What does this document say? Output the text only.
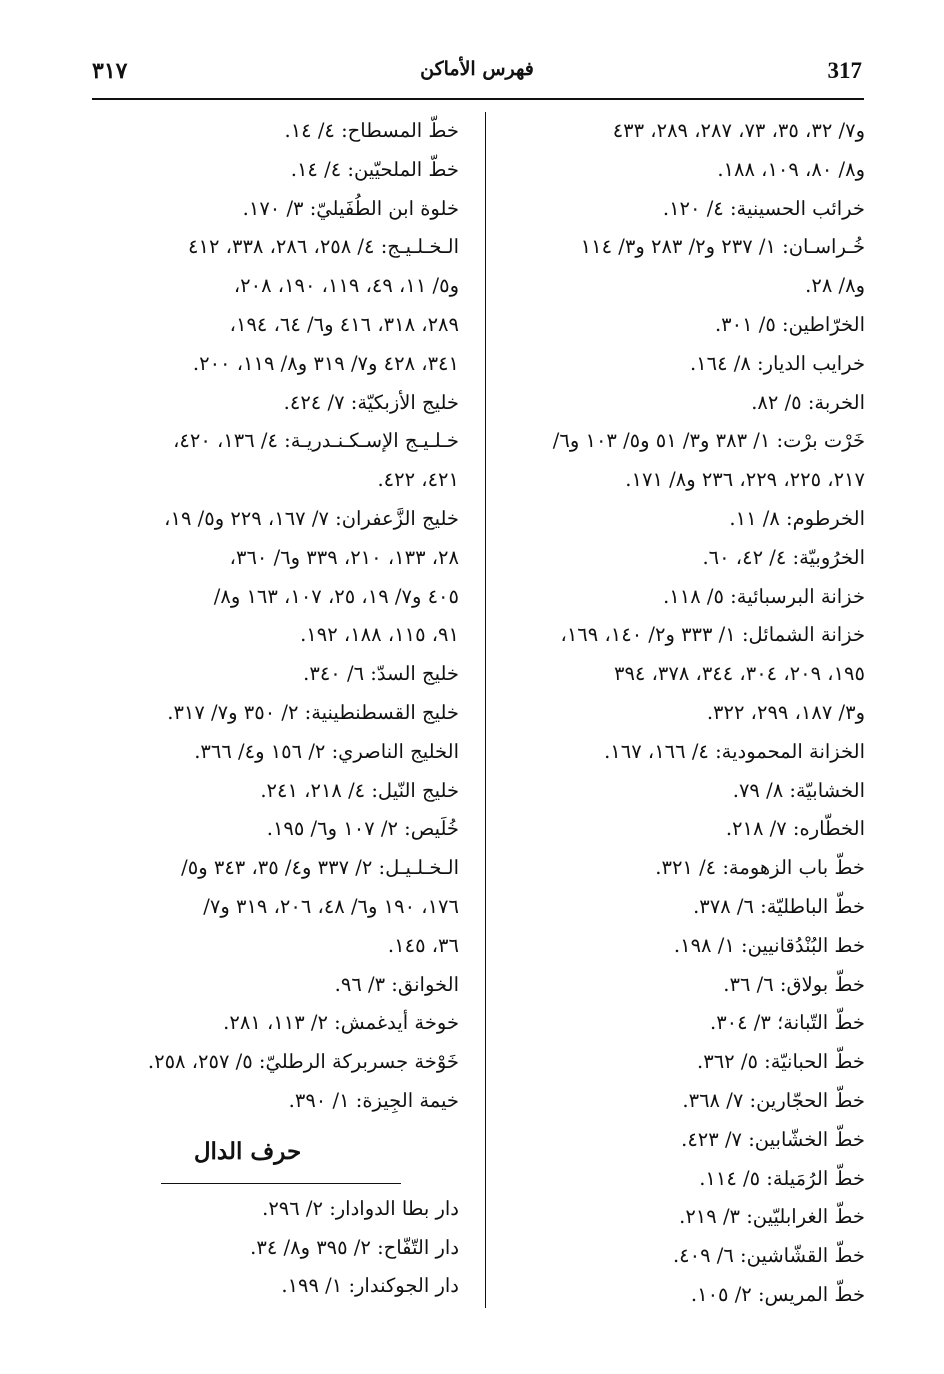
317
فهرس الأماكن
٣١٧
و٧/ ٣٢، ٣٥، ٧٣، ٢٨٧، ٢٨٩، ٤٣٣
و٨/ ٨٠، ١٠٩، ١٨٨.
خرائب الحسينية: ٤/ ١٢٠.
خُـراسـان: ١/ ٢٣٧ و٢/ ٢٨٣ و٣/ ١١٤
و٨/ ٢٨.
الخرّاطين: ٥/ ٣٠١.
خرايب الديار: ٨/ ١٦٤.
الخربة: ٥/ ٨٢.
خَرْت برْت: ١/ ٣٨٣ و٣/ ٥١ و٥/ ١٠٣ و٦/
٢١٧، ٢٢٥، ٢٢٩، ٢٣٦ و٨/ ١٧١.
الخرطوم: ٨/ ١١.
الخرُوبيّة: ٤/ ٤٢، ٦٠.
خزانة البرسبائية: ٥/ ١١٨.
خزانة الشمائل: ١/ ٣٣٣ و٢/ ١٤٠، ١٦٩،
١٩٥، ٢٠٩، ٣٠٤، ٣٤٤، ٣٧٨، ٣٩٤
و٣/ ١٨٧، ٢٩٩، ٣٢٢.
الخزانة المحمودية: ٤/ ١٦٦، ١٦٧.
الخشابيّة: ٨/ ٧٩.
الخطّاره: ٧/ ٢١٨.
خطّ باب الزهومة: ٤/ ٣٢١.
خطّ الباطليّة: ٦/ ٣٧٨.
خط البُنْدُقانيين: ١/ ١٩٨.
خطّ بولاق: ٦/ ٣٦.
خطّ التّبانة؛ ٣/ ٣٠٤.
خطّ الحبانيّة: ٥/ ٣٦٢.
خطّ الحجّارين: ٧/ ٣٦٨.
خطّ الخشّابين: ٧/ ٤٢٣.
خطّ الرُمَيلة: ٥/ ١١٤.
خطّ الغرابليّين: ٣/ ٢١٩.
خطّ القشّاشين: ٦/ ٤٠٩.
خطّ المريس: ٢/ ١٠٥.
خطّ المسطاح: ٤/ ١٤.
خطّ الملحيّين: ٤/ ١٤.
خلوة ابن الطُفَيليّ: ٣/ ١٧٠.
الـخـلـيـج: ٤/ ٢٥٨، ٢٨٦، ٣٣٨، ٤١٢
و٥/ ١١، ٤٩، ١١٩، ١٩٠، ٢٠٨،
٢٨٩، ٣١٨، ٤١٦ و٦/ ٦٤، ١٩٤،
٣٤١، ٤٢٨ و٧/ ٣١٩ و٨/ ١١٩، ٢٠٠.
خليج الأزبكيّة: ٧/ ٤٢٤.
خـلـيـج الإسـكـنـدريـة: ٤/ ١٣٦، ٤٢٠،
٤٢١، ٤٢٢.
خليج الزَّعفران: ٧/ ١٦٧، ٢٢٩ و٥/ ١٩،
٢٨، ١٣٣، ٢١٠، ٣٣٩ و٦/ ٣٦٠،
٤٠٥ و٧/ ١٩، ٢٥، ١٠٧، ١٦٣ و٨/
٩١، ١١٥، ١٨٨، ١٩٢.
خليج السدّ: ٦/ ٣٤٠.
خليج القسطنطينية: ٢/ ٣٥٠ و٧/ ٣١٧.
الخليج الناصري: ٢/ ١٥٦ و٤/ ٣٦٦.
خليج النّيل: ٤/ ٢١٨، ٢٤١.
خُلَيص: ٢/ ١٠٧ و٦/ ١٩٥.
الـخـلـيـل: ٢/ ٣٣٧ و٤/ ٣٥، ٣٤٣ و٥/
١٧٦، ١٩٠ و٦/ ٤٨، ٢٠٦، ٣١٩ و٧/
٣٦، ١٤٥.
الخوانق: ٣/ ٩٦.
خوخة أيدغمش: ٢/ ١١٣، ٢٨١.
خَوْخة جسربركة الرطليّ: ٥/ ٢٥٧، ٢٥٨.
خيمة الجِيزة: ١/ ٣٩٠.
حرف الدال
دار بطا الدوادار: ٢/ ٢٩٦.
دار التّفّاح: ٢/ ٣٩٥ و٨/ ٣٤.
دار الجوكندار: ١/ ١٩٩.
